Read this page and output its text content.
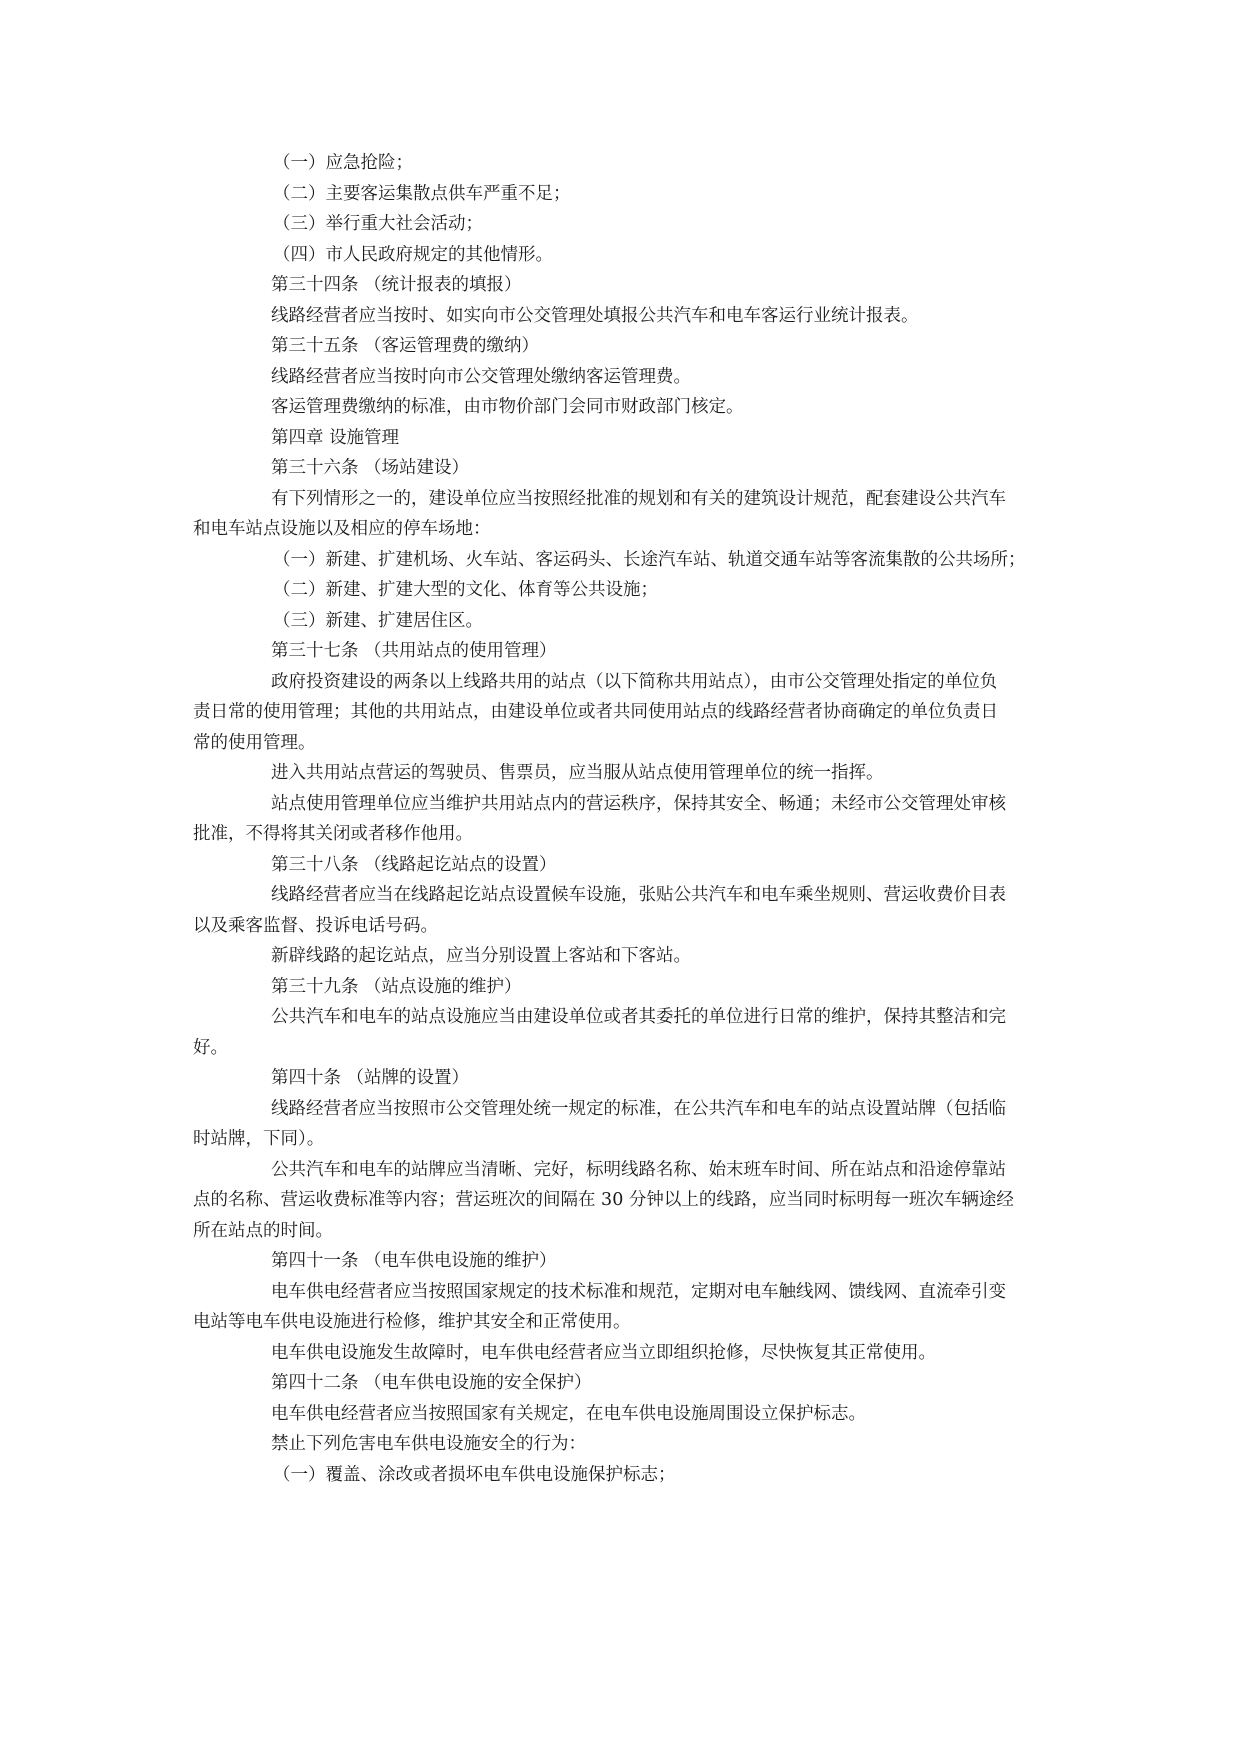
（一）应急抢险；
（二）主要客运集散点供车严重不足；
（三）举行重大社会活动；
（四）市人民政府规定的其他情形。
第三十四条 （统计报表的填报）
线路经营者应当按时、如实向市公交管理处填报公共汽车和电车客运行业统计报表。
第三十五条 （客运管理费的缴纳）
线路经营者应当按时向市公交管理处缴纳客运管理费。
客运管理费缴纳的标准，由市物价部门会同市财政部门核定。
第四章 设施管理
第三十六条 （场站建设）
有下列情形之一的，建设单位应当按照经批准的规划和有关的建筑设计规范，配套建设公共汽车
和电车站点设施以及相应的停车场地：
（一）新建、扩建机场、火车站、客运码头、长途汽车站、轨道交通车站等客流集散的公共场所；
（二）新建、扩建大型的文化、体育等公共设施；
（三）新建、扩建居住区。
第三十七条 （共用站点的使用管理）
政府投资建设的两条以上线路共用的站点（以下简称共用站点），由市公交管理处指定的单位负
责日常的使用管理；其他的共用站点，由建设单位或者共同使用站点的线路经营者协商确定的单位负责日
常的使用管理。
进入共用站点营运的驾驶员、售票员，应当服从站点使用管理单位的统一指挥。
站点使用管理单位应当维护共用站点内的营运秩序，保持其安全、畅通；未经市公交管理处审核
批准，不得将其关闭或者移作他用。
第三十八条 （线路起讫站点的设置）
线路经营者应当在线路起讫站点设置候车设施，张贴公共汽车和电车乘坐规则、营运收费价目表
以及乘客监督、投诉电话号码。
新辟线路的起讫站点，应当分别设置上客站和下客站。
第三十九条 （站点设施的维护）
公共汽车和电车的站点设施应当由建设单位或者其委托的单位进行日常的维护，保持其整洁和完
好。
第四十条 （站牌的设置）
线路经营者应当按照市公交管理处统一规定的标准，在公共汽车和电车的站点设置站牌（包括临
时站牌，下同）。
公共汽车和电车的站牌应当清晰、完好，标明线路名称、始末班车时间、所在站点和沿途停靠站
点的名称、营运收费标准等内容；营运班次的间隔在 30 分钟以上的线路，应当同时标明每一班次车辆途经
所在站点的时间。
第四十一条 （电车供电设施的维护）
电车供电经营者应当按照国家规定的技术标准和规范，定期对电车触线网、馈线网、直流牵引变
电站等电车供电设施进行检修，维护其安全和正常使用。
电车供电设施发生故障时，电车供电经营者应当立即组织抢修，尽快恢复其正常使用。
第四十二条 （电车供电设施的安全保护）
电车供电经营者应当按照国家有关规定，在电车供电设施周围设立保护标志。
禁止下列危害电车供电设施安全的行为：
（一）覆盖、涂改或者损坏电车供电设施保护标志；
